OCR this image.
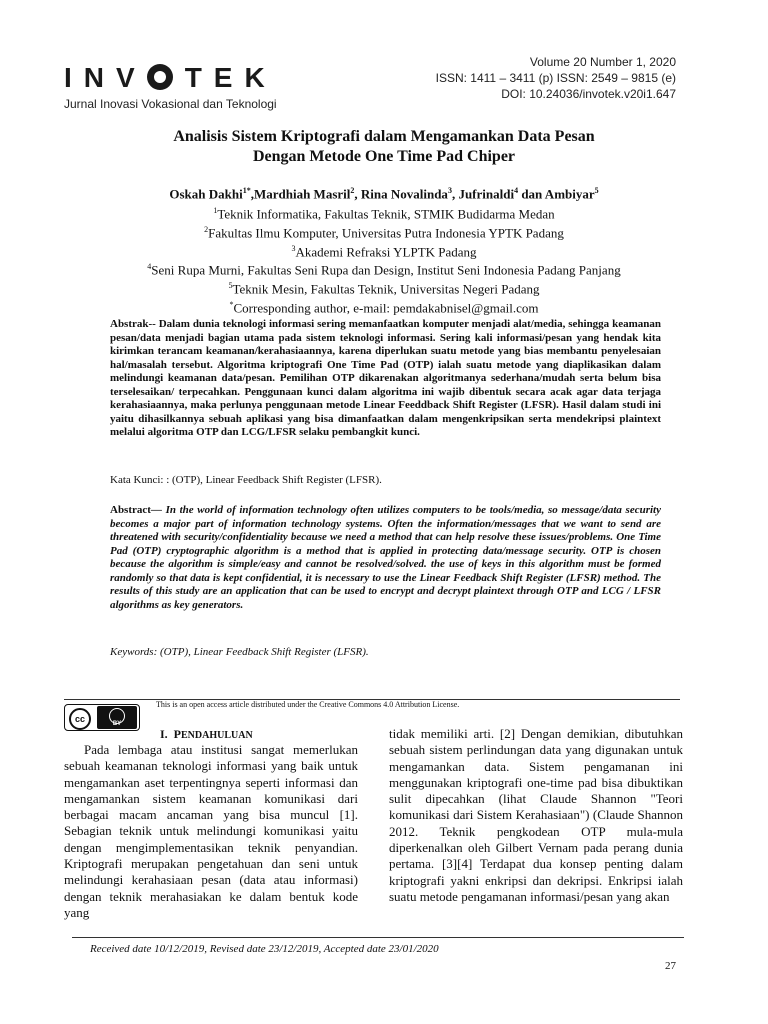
INV TEK
Jurnal Inovasi Vokasional dan Teknologi
Volume 20 Number 1, 2020
ISSN: 1411 – 3411 (p) ISSN: 2549 – 9815 (e)
DOI: 10.24036/invotek.v20i1.647
Analisis Sistem Kriptografi dalam Mengamankan Data Pesan
Dengan Metode One Time Pad Chiper
Oskah Dakhi$^{1*}$,Mardhiah Masril$^2$, Rina Novalinda$^3$, Jufrinaldi$^4$ dan Ambiyar$^5$
$^1$Teknik Informatika, Fakultas Teknik, STMIK Budidarma Medan
$^2$Fakultas Ilmu Komputer, Universitas Putra Indonesia YPTK Padang
$^3$Akademi Refraksi YLPTK Padang
$^4$Seni Rupa Murni, Fakultas Seni Rupa dan Design, Institut Seni Indonesia Padang Panjang
$^5$Teknik Mesin, Fakultas Teknik, Universitas Negeri Padang
*Corresponding author, e-mail: pemdakabnisel@gmail.com
Abstrak-- Dalam dunia teknologi informasi sering memanfaatkan komputer menjadi alat/media, sehingga keamanan pesan/data menjadi bagian utama pada sistem teknologi informasi. Sering kali informasi/pesan yang hendak kita kirimkan terancam keamanan/kerahasiaannya, karena diperlukan suatu metode yang bias membantu penyelesaian hal/masalah tersebut. Algoritma kriptografi One Time Pad (OTP) ialah suatu metode yang diaplikasikan dalam melindungi keamanan data/pesan. Pemilihan OTP dikarenakan algoritmanya sederhana/mudah serta belum bisa terselesaikan/ terpecahkan. Penggunaan kunci dalam algoritma ini wajib dibentuk secara acak agar data terjaga kerahasiaannya, maka perlunya penggunaan metode Linear Feeddback Shift Register (LFSR). Hasil dalam studi ini yaitu dihasilkannya sebuah aplikasi yang bisa dimanfaatkan dalam mengenkripsikan serta mendekripsi plaintext melalui algoritma OTP dan LCG/LFSR selaku pembangkit kunci.
Kata Kunci: : (OTP), Linear Feedback Shift Register (LFSR).
Abstract— In the world of information technology often utilizes computers to be tools/media, so message/data security becomes a major part of information technology systems. Often the information/messages that we want to send are threatened with security/confidentiality because we need a method that can help resolve these issues/problems. One Time Pad (OTP) cryptographic algorithm is a method that is applied in protecting data/message security. OTP is chosen because the algorithm is simple/easy and cannot be resolved/solved. the use of keys in this algorithm must be formed randomly so that data is kept confidential, it is necessary to use the Linear Feedback Shift Register (LFSR) method. The results of this study are an application that can be used to encrypt and decrypt plaintext through OTP and LCG / LFSR algorithms as key generators.
Keywords: (OTP), Linear Feedback Shift Register (LFSR).
This is an open access article distributed under the Creative Commons 4.0 Attribution License.
cc	BY
I. PENDAHULUAN
Pada lembaga atau institusi sangat memerlukan sebuah keamanan teknologi informasi yang baik untuk mengamankan aset terpentingnya seperti informasi dan mengamankan sistem keamanan komunikasi dari berbagai macam ancaman yang bisa muncul [1]. Sebagian teknik untuk melindungi komunikasi yaitu dengan mengimplementasikan teknik penyandian. Kriptografi merupakan pengetahuan dan seni untuk melindungi kerahasiaan pesan (data atau informasi) dengan teknik merahasiakan ke dalam bentuk kode yang
tidak memiliki arti. [2] Dengan demikian, dibutuhkan sebuah sistem perlindungan data yang digunakan untuk mengamankan data. Sistem pengamanan ini menggunakan kriptografi one-time pad bisa dibuktikan sulit dipecahkan (lihat Claude Shannon "Teori komunikasi dari Sistem Kerahasiaan") (Claude Shannon 2012. Teknik pengkodean OTP mula-mula diperkenalkan oleh Gilbert Vernam pada perang dunia pertama. [3][4] Terdapat dua konsep penting dalam kriptografi yakni enkripsi dan dekripsi. Enkripsi ialah suatu metode pengamanan informasi/pesan yang akan
Received date 10/12/2019, Revised date 23/12/2019, Accepted date 23/01/2020
27
